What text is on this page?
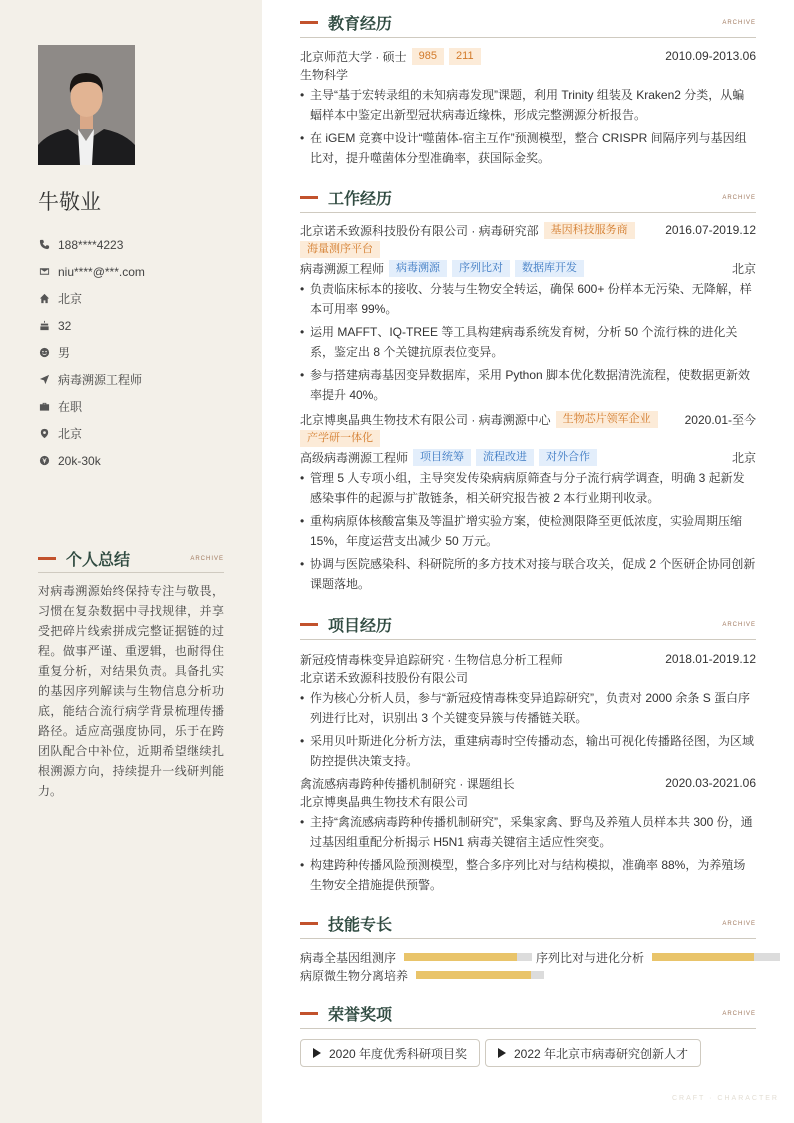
牛敬业
188****4223
niu****@***.com
北京
32
男
病毒溯源工程师
在职
北京
20k-30k
个人总结	ARCHIVE
对病毒溯源始终保持专注与敬畏，习惯在复杂数据中寻找规律，并享受把碎片线索拼成完整证据链的过程。做事严谨、重逻辑，也耐得住重复分析，对结果负责。具备扎实的基因序列解读与生物信息分析功底，能结合流行病学背景梳理传播路径。适应高强度协同，乐于在跨团队配合中补位，近期希望继续扎根溯源方向，持续提升一线研判能力。
教育经历	ARCHIVE
北京师范大学 · 硕士	985	211	2010.09-2013.06
生物科学
• 主导“基于宏转录组的未知病毒发现”课题，利用 Trinity 组装及 Kraken2 分类，从蝙蝠样本中鉴定出新型冠状病毒近缘株，形成完整溯源分析报告。
• 在 iGEM 竞赛中设计“噬菌体-宿主互作”预测模型，整合 CRISPR 间隔序列与基因组比对，提升噬菌体分型准确率，获国际金奖。
工作经历	ARCHIVE
北京诺禾致源科技股份有限公司 · 病毒研究部	基因科技服务商	2016.07-2019.12
海量测序平台
病毒溯源工程师	病毒溯源	序列比对	数据库开发	北京
• 负责临床标本的接收、分装与生物安全转运，确保 600+ 份样本无污染、无降解，样本可用率 99%。
• 运用 MAFFT、IQ-TREE 等工具构建病毒系统发育树，分析 50 个流行株的进化关系，鉴定出 8 个关键抗原表位变异。
• 参与搭建病毒基因变异数据库，采用 Python 脚本优化数据清洗流程，使数据更新效率提升 40%。
北京博奥晶典生物技术有限公司 · 病毒溯源中心	生物芯片领军企业	2020.01-至今
产学研一体化
高级病毒溯源工程师	项目统筹	流程改进	对外合作	北京
• 管理 5 人专项小组，主导突发传染病病原筛查与分子流行病学调查，明确 3 起新发感染事件的起源与扩散链条，相关研究报告被 2 本行业期刊收录。
• 重构病原体核酸富集及等温扩增实验方案，使检测限降至更低浓度，实验周期压缩 15%，年度运营支出减少 50 万元。
• 协调与医院感染科、科研院所的多方技术对接与联合攻关，促成 2 个医研企协同创新课题落地。
项目经历	ARCHIVE
新冠疫情毒株变异追踪研究 · 生物信息分析工程师	2018.01-2019.12
北京诺禾致源科技股份有限公司
• 作为核心分析人员，参与“新冠疫情毒株变异追踪研究”，负责对 2000 余条 S 蛋白序列进行比对，识别出 3 个关键变异簇与传播链关联。
• 采用贝叶斯进化分析方法，重建病毒时空传播动态，输出可视化传播路径图，为区域防控提供决策支持。
禽流感病毒跨种传播机制研究 · 课题组长	2020.03-2021.06
北京博奥晶典生物技术有限公司
• 主持“禽流感病毒跨种传播机制研究”，采集家禽、野鸟及养殖人员样本共 300 份，通过基因组重配分析揭示 H5N1 病毒关键宿主适应性突变。
• 构建跨种传播风险预测模型，整合多序列比对与结构模拟，准确率 88%，为养殖场生物安全措施提供预警。
技能专长	ARCHIVE
病毒全基因组测序	序列比对与进化分析
病原微生物分离培养
荣誉奖项	ARCHIVE
2020 年度优秀科研项目奖	2022 年北京市病毒研究创新人才
CRAFT · CHARACTER
